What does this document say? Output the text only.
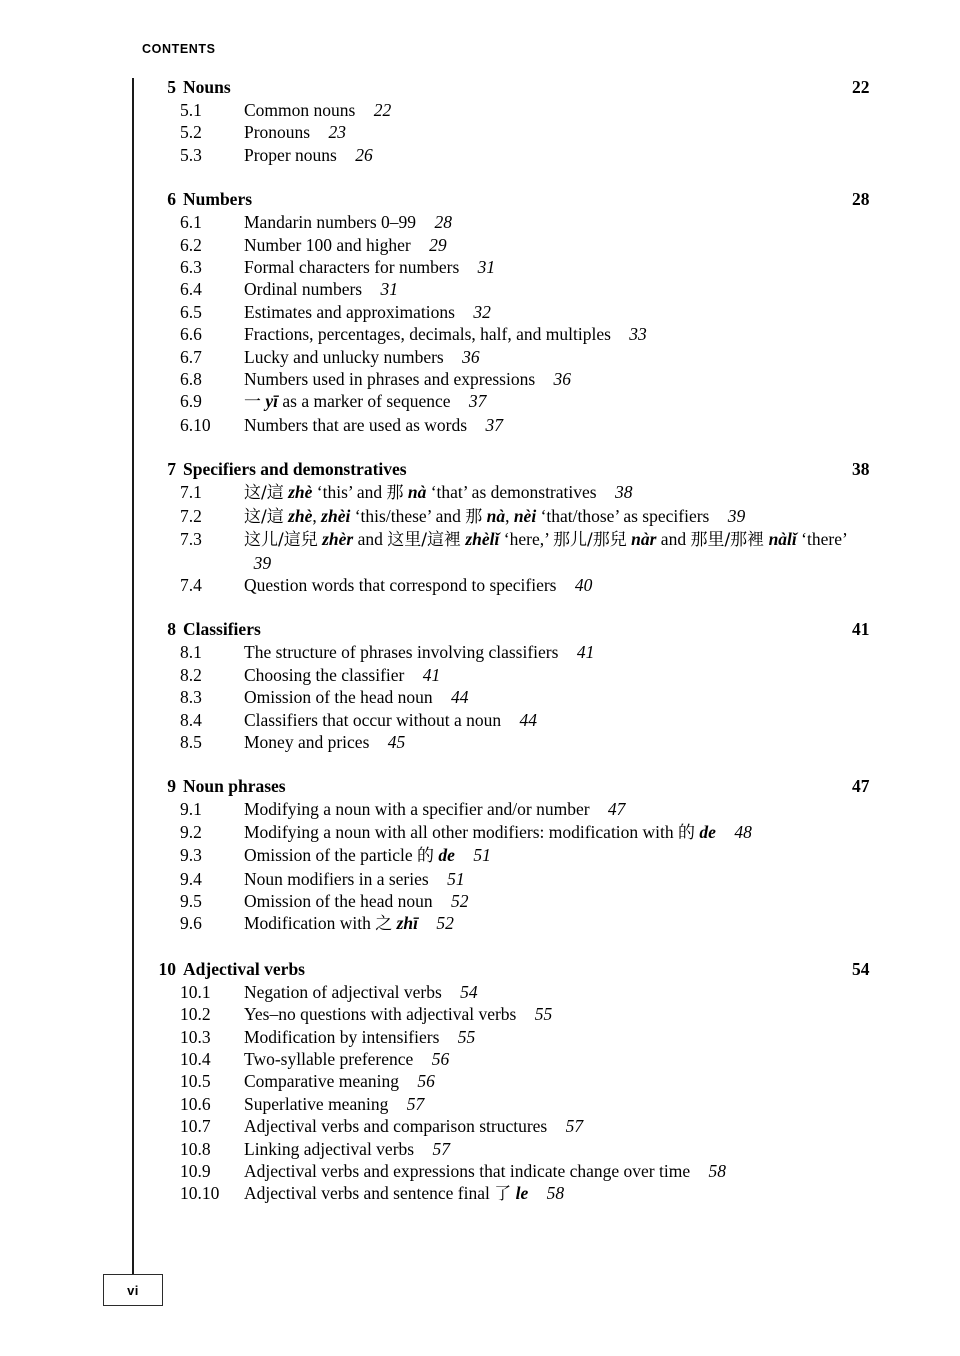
CONTENTS
5 Nouns	22
5.1 Common nouns  22
5.2 Pronouns  23
5.3 Proper nouns  26
6 Numbers	28
6.1 Mandarin numbers 0–99  28
6.2 Number 100 and higher  29
6.3 Formal characters for numbers  31
6.4 Ordinal numbers  31
6.5 Estimates and approximations  32
6.6 Fractions, percentages, decimals, half, and multiples  33
6.7 Lucky and unlucky numbers  36
6.8 Numbers used in phrases and expressions  36
6.9 一 yī as a marker of sequence  37
6.10 Numbers that are used as words  37
7 Specifiers and demonstratives	38
7.1 这/這 zhè ‘this’ and 那 nà ‘that’ as demonstratives  38
7.2 这/這 zhè, zhèi ‘this/these’ and 那 nà, nèi ‘that/those’ as specifiers  39
7.3 这儿/這兒 zhèr and 这里/這裡 zhèlǐ ‘here,’ 那儿/那兒 nàr and 那里/那裡 nàlǐ ‘there’ 39
7.4 Question words that correspond to specifiers  40
8 Classifiers	41
8.1 The structure of phrases involving classifiers  41
8.2 Choosing the classifier  41
8.3 Omission of the head noun  44
8.4 Classifiers that occur without a noun  44
8.5 Money and prices  45
9 Noun phrases	47
9.1 Modifying a noun with a specifier and/or number  47
9.2 Modifying a noun with all other modifiers: modification with 的 de  48
9.3 Omission of the particle 的 de  51
9.4 Noun modifiers in a series  51
9.5 Omission of the head noun  52
9.6 Modification with 之 zhī  52
10 Adjectival verbs	54
10.1 Negation of adjectival verbs  54
10.2 Yes–no questions with adjectival verbs  55
10.3 Modification by intensifiers  55
10.4 Two-syllable preference  56
10.5 Comparative meaning  56
10.6 Superlative meaning  57
10.7 Adjectival verbs and comparison structures  57
10.8 Linking adjectival verbs  57
10.9 Adjectival verbs and expressions that indicate change over time  58
10.10 Adjectival verbs and sentence final 了 le  58
vi
